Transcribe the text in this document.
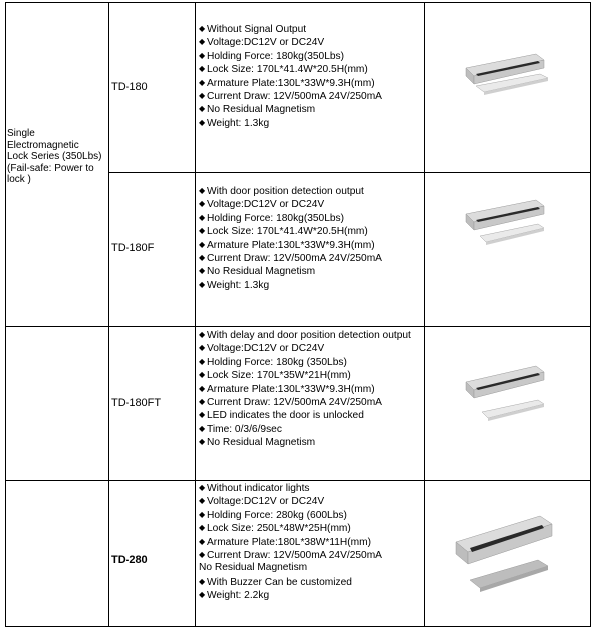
Single
Electromagnetic
Lock Series (350Lbs)
(Fail-safe: Power to
lock )
TD-180
TD-180F
TD-180FT
TD-280
◆ Without Signal Output
◆ Voltage:DC12V or DC24V
◆ Holding Force: 180kg(350Lbs)
◆ Lock Size: 170L*41.4W*20.5H(mm)
◆ Armature Plate:130L*33W*9.3H(mm)
◆ Current Draw: 12V/500mA 24V/250mA
◆ No Residual Magnetism
◆ Weight: 1.3kg
◆ With door position detection output
◆ Voltage:DC12V or DC24V
◆ Holding Force: 180kg(350Lbs)
◆ Lock Size: 170L*41.4W*20.5H(mm)
◆ Armature Plate:130L*33W*9.3H(mm)
◆ Current Draw: 12V/500mA 24V/250mA
◆ No Residual Magnetism
◆ Weight: 1.3kg
◆ With delay and door position detection output
◆ Voltage:DC12V or DC24V
◆ Holding Force: 180kg (350Lbs)
◆ Lock Size: 170L*35W*21H(mm)
◆ Armature Plate:130L*33W*9.3H(mm)
◆ Current Draw: 12V/500mA 24V/250mA
◆ LED indicates the door is unlocked
◆ Time: 0/3/6/9sec
◆ No Residual Magnetism
◆ Without indicator lights
◆ Voltage:DC12V or DC24V
◆ Holding Force: 280kg (600Lbs)
◆ Lock Size: 250L*48W*25H(mm)
◆ Armature Plate:180L*38W*11H(mm)
◆ Current Draw: 12V/500mA 24V/250mA
No Residual Magnetism
◆ With Buzzer Can be customized
◆ Weight: 2.2kg
